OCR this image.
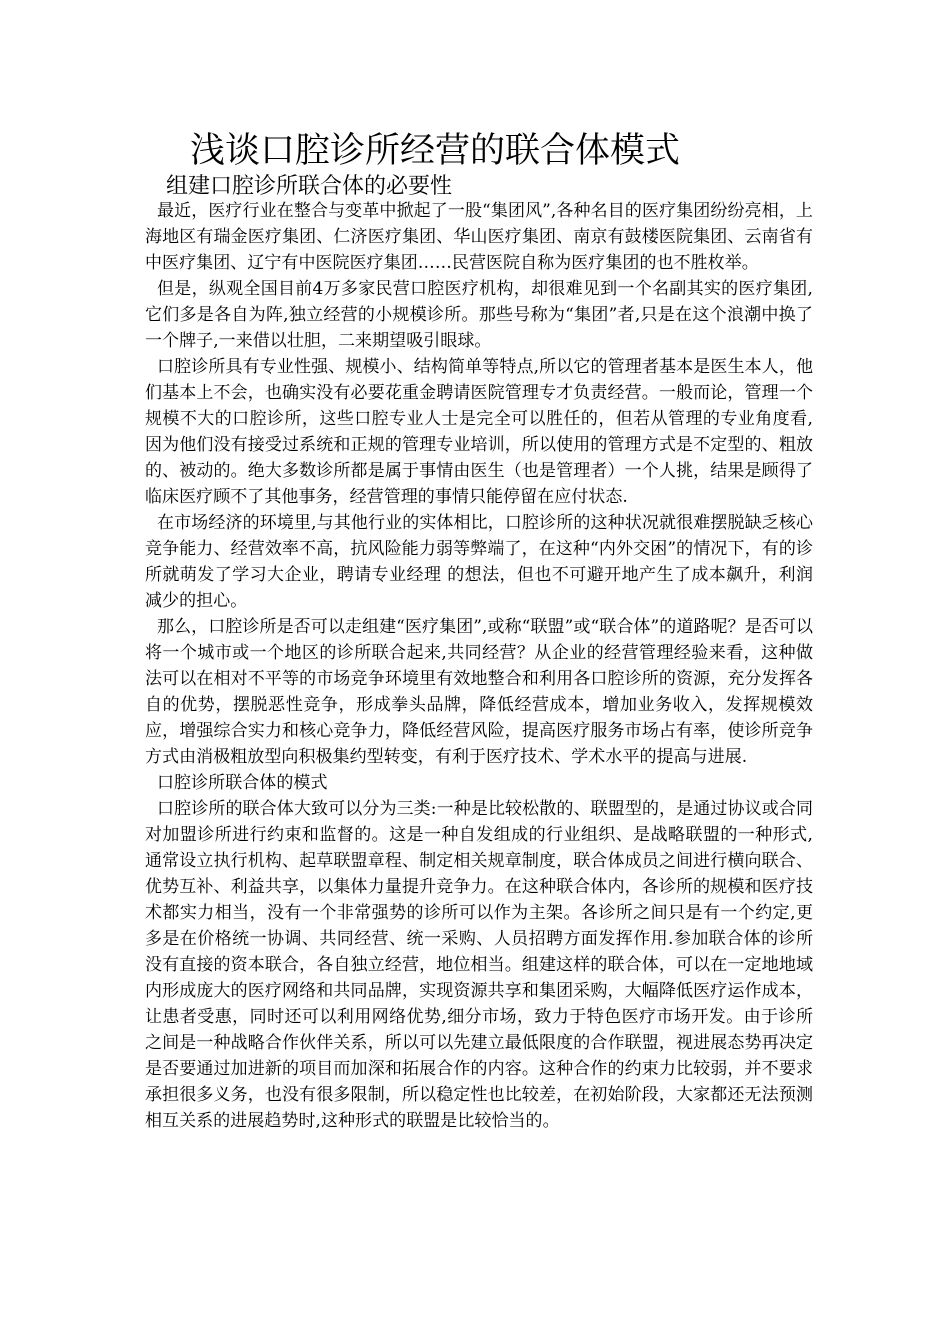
浅谈口腔诊所经营的联合体模式
组建口腔诊所联合体的必要性

最近，医疗行业在整合与变革中掀起了一股“集团风”,各种名目的医疗集团纷纷亮相，上海地区有瑞金医疗集团、仁济医疗集团、华山医疗集团、南京有鼓楼医院集团、云南省有中医疗集团、辽宁有中医院医疗集团……民营医院自称为医疗集团的也不胜枚举。

但是，纵观全国目前4万多家民营口腔医疗机构，却很难见到一个名副其实的医疗集团,它们多是各自为阵,独立经营的小规模诊所。那些号称为“集团”者,只是在这个浪潮中换了一个牌子,一来借以壮胆，二来期望吸引眼球。

口腔诊所具有专业性强、规模小、结构简单等特点,所以它的管理者基本是医生本人，他们基本上不会，也确实没有必要花重金聘请医院管理专才负责经营。一般而论，管理一个规模不大的口腔诊所，这些口腔专业人士是完全可以胜任的，但若从管理的专业角度看,因为他们没有接受过系统和正规的管理专业培训，所以使用的管理方式是不定型的、粗放的、被动的。绝大多数诊所都是属于事情由医生（也是管理者）一个人挑，结果是顾得了临床医疗顾不了其他事务，经营管理的事情只能停留在应付状态.

在市场经济的环境里,与其他行业的实体相比，口腔诊所的这种状况就很难摆脱缺乏核心竞争能力、经营效率不高，抗风险能力弱等弊端了，在这种“内外交困”的情况下，有的诊所就萌发了学习大企业，聘请专业经理 的想法，但也不可避开地产生了成本飙升，利润减少的担心。

那么，口腔诊所是否可以走组建“医疗集团”,或称“联盟”或“联合体”的道路呢？是否可以将一个城市或一个地区的诊所联合起来,共同经营？从企业的经营管理经验来看，这种做法可以在相对不平等的市场竞争环境里有效地整合和利用各口腔诊所的资源，充分发挥各自的优势，摆脱恶性竞争，形成拳头品牌，降低经营成本，增加业务收入，发挥规模效应，增强综合实力和核心竞争力，降低经营风险，提高医疗服务市场占有率，使诊所竞争方式由消极粗放型向积极集约型转变，有利于医疗技术、学术水平的提高与进展.

口腔诊所联合体的模式

口腔诊所的联合体大致可以分为三类:一种是比较松散的、联盟型的，是通过协议或合同对加盟诊所进行约束和监督的。这是一种自发组成的行业组织、是战略联盟的一种形式,通常设立执行机构、起草联盟章程、制定相关规章制度，联合体成员之间进行横向联合、优势互补、利益共享，以集体力量提升竞争力。在这种联合体内，各诊所的规模和医疗技术都实力相当，没有一个非常强势的诊所可以作为主架。各诊所之间只是有一个约定,更多是在价格统一协调、共同经营、统一采购、人员招聘方面发挥作用.参加联合体的诊所没有直接的资本联合，各自独立经营，地位相当。组建这样的联合体，可以在一定地地域内形成庞大的医疗网络和共同品牌，实现资源共享和集团采购，大幅降低医疗运作成本，让患者受惠，同时还可以利用网络优势,细分市场，致力于特色医疗市场开发。由于诊所之间是一种战略合作伙伴关系，所以可以先建立最低限度的合作联盟，视进展态势再决定是否要通过加进新的项目而加深和拓展合作的内容。这种合作的约束力比较弱，并不要求承担很多义务，也没有很多限制，所以稳定性也比较差，在初始阶段，大家都还无法预测相互关系的进展趋势时,这种形式的联盟是比较恰当的。
